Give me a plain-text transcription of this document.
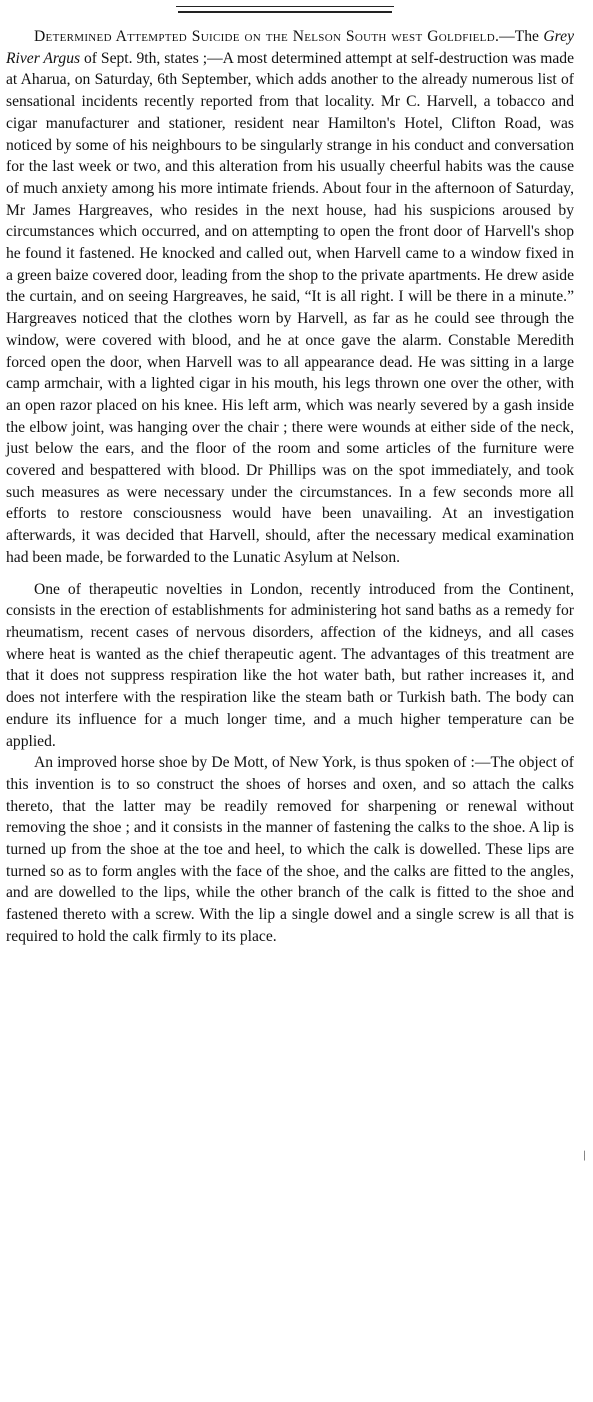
Determined Attempted Suicide on the Nelson South west Goldfield.—The Grey River Argus of Sept. 9th, states ;—A most determined attempt at self-destruction was made at Aharua, on Saturday, 6th September, which adds another to the already numerous list of sensational incidents recently reported from that locality. Mr C. Harvell, a tobacco and cigar manufacturer and stationer, resident near Hamilton's Hotel, Clifton Road, was noticed by some of his neighbours to be singularly strange in his conduct and conversation for the last week or two, and this alteration from his usually cheerful habits was the cause of much anxiety among his more intimate friends. About four in the afternoon of Saturday, Mr James Hargreaves, who resides in the next house, had his suspicions aroused by circumstances which occurred, and on attempting to open the front door of Harvell's shop he found it fastened. He knocked and called out, when Harvell came to a window fixed in a green baize covered door, leading from the shop to the private apartments. He drew aside the curtain, and on seeing Hargreaves, he said, “It is all right. I will be there in a minute.” Hargreaves noticed that the clothes worn by Harvell, as far as he could see through the window, were covered with blood, and he at once gave the alarm. Constable Meredith forced open the door, when Harvell was to all appearance dead. He was sitting in a large camp armchair, with a lighted cigar in his mouth, his legs thrown one over the other, with an open razor placed on his knee. His left arm, which was nearly severed by a gash inside the elbow joint, was hanging over the chair ; there were wounds at either side of the neck, just below the ears, and the floor of the room and some articles of the furniture were covered and bespattered with blood. Dr Phillips was on the spot immediately, and took such measures as were necessary under the circumstances. In a few seconds more all efforts to restore consciousness would have been unavailing. At an investigation afterwards, it was decided that Harvell, should, after the necessary medical examination had been made, be forwarded to the Lunatic Asylum at Nelson.

One of therapeutic novelties in London, recently introduced from the Continent, consists in the erection of establishments for administering hot sand baths as a remedy for rheumatism, recent cases of nervous disorders, affection of the kidneys, and all cases where heat is wanted as the chief therapeutic agent. The advantages of this treatment are that it does not suppress respiration like the hot water bath, but rather increases it, and does not interfere with the respiration like the steam bath or Turkish bath. The body can endure its influence for a much longer time, and a much higher temperature can be applied.

An improved horse shoe by De Mott, of New York, is thus spoken of :—The object of this invention is to so construct the shoes of horses and oxen, and so attach the calks thereto, that the latter may be readily removed for sharpening or renewal without removing the shoe ; and it consists in the manner of fastening the calks to the shoe. A lip is turned up from the shoe at the toe and heel, to which the calk is dowelled. These lips are turned so as to form angles with the face of the shoe, and the calks are fitted to the angles, and are dowelled to the lips, while the other branch of the calk is fitted to the shoe and fastened thereto with a screw. With the lip a single dowel and a single screw is all that is required to hold the calk firmly to its place.

/
